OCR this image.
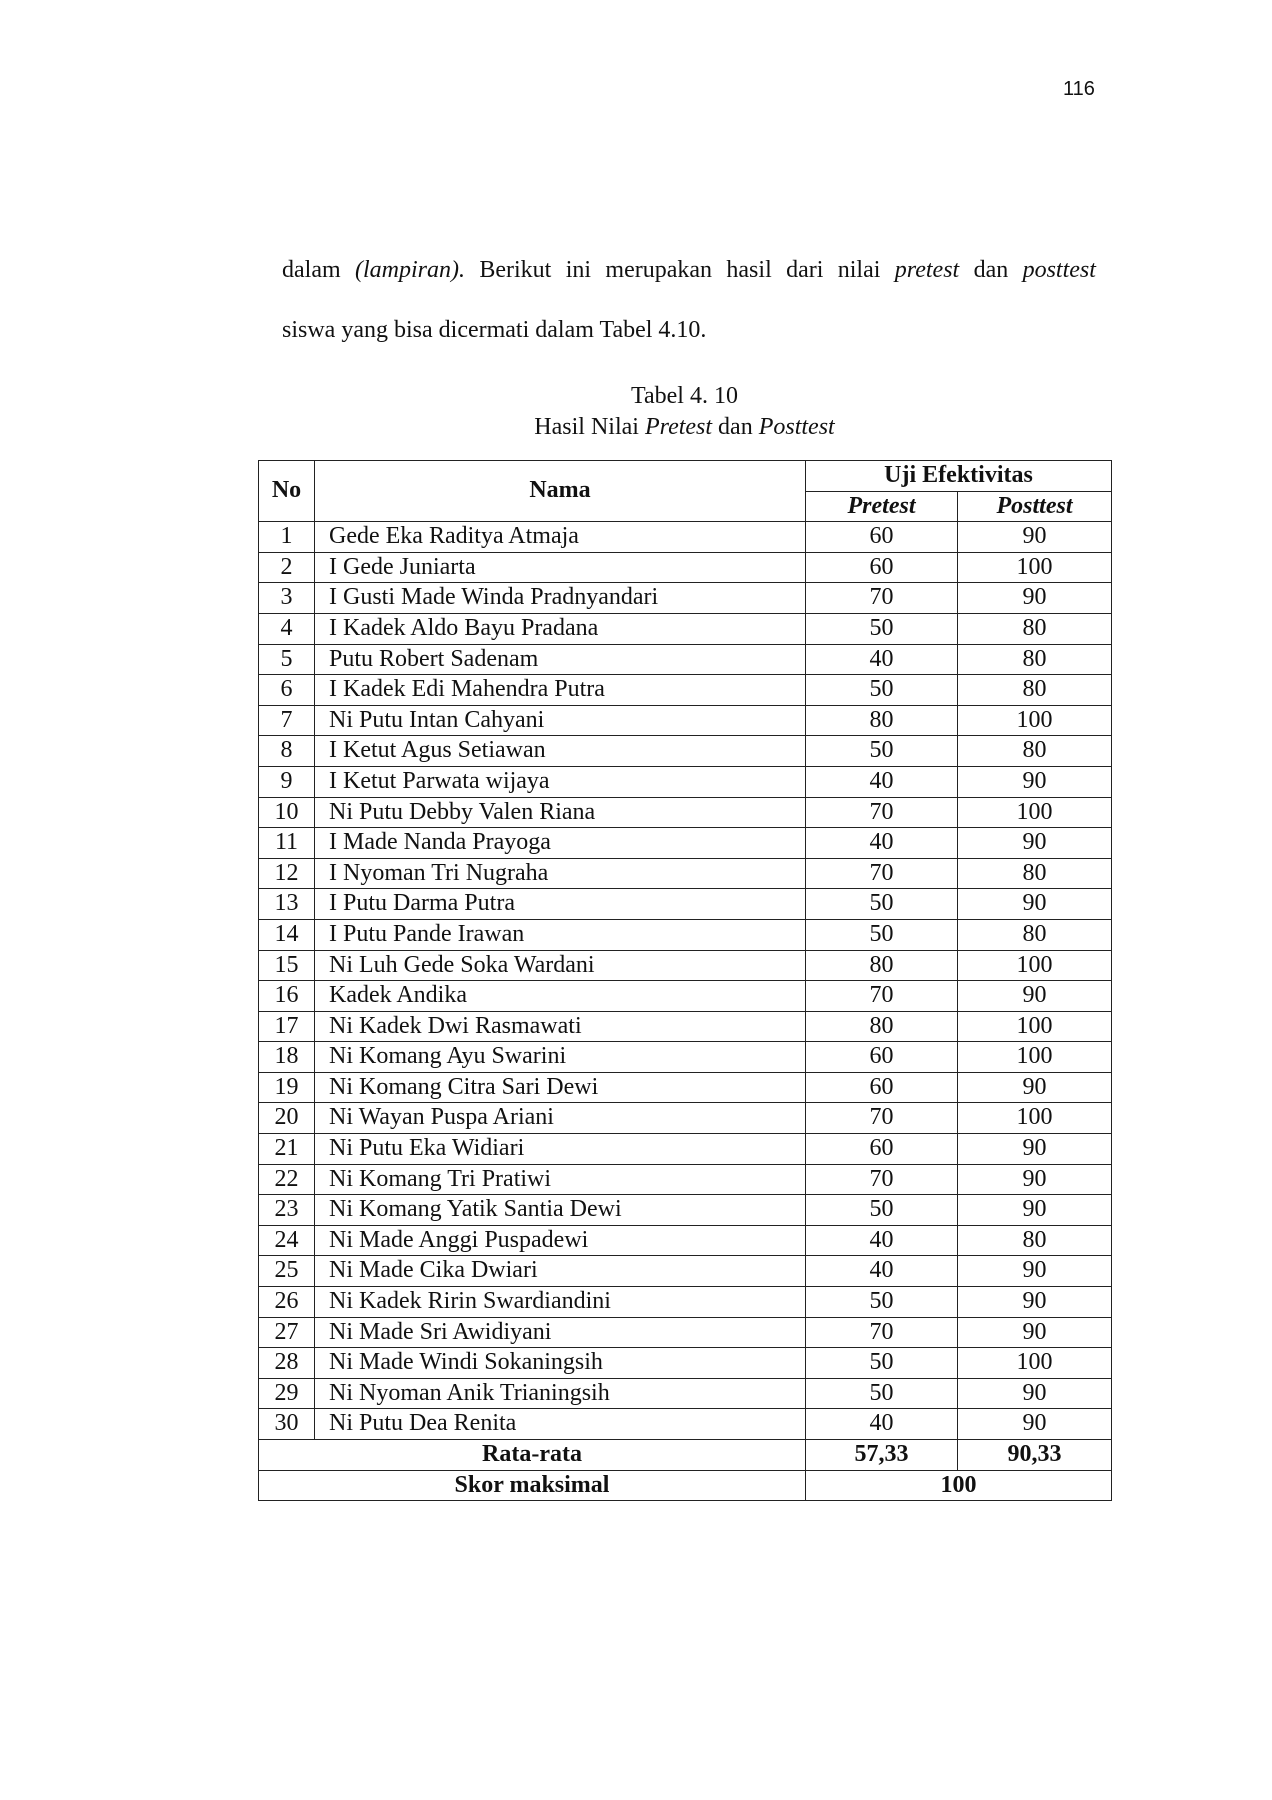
116
dalam (lampiran). Berikut ini merupakan hasil dari nilai pretest dan posttest
siswa yang bisa dicermati dalam Tabel 4.10.
Tabel 4. 10
Hasil Nilai Pretest dan Posttest
No	Nama	Uji Efektivitas	
		Pretest	Posttest
1	Gede Eka Raditya Atmaja	60	90
2	I Gede Juniarta	60	100
3	I Gusti Made Winda Pradnyandari	70	90
4	I Kadek Aldo Bayu Pradana	50	80
5	Putu Robert Sadenam	40	80
6	I Kadek Edi Mahendra Putra	50	80
7	Ni Putu Intan Cahyani	80	100
8	I Ketut Agus Setiawan	50	80
9	I Ketut Parwata wijaya	40	90
10	Ni Putu Debby Valen Riana	70	100
11	I Made Nanda Prayoga	40	90
12	I Nyoman Tri Nugraha	70	80
13	I Putu Darma Putra	50	90
14	I Putu Pande Irawan	50	80
15	Ni Luh Gede Soka Wardani	80	100
16	Kadek Andika	70	90
17	Ni Kadek Dwi Rasmawati	80	100
18	Ni Komang Ayu Swarini	60	100
19	Ni Komang Citra Sari Dewi	60	90
20	Ni Wayan Puspa Ariani	70	100
21	Ni Putu Eka Widiari	60	90
22	Ni Komang Tri Pratiwi	70	90
23	Ni Komang Yatik Santia Dewi	50	90
24	Ni Made Anggi Puspadewi	40	80
25	Ni Made Cika Dwiari	40	90
26	Ni Kadek Ririn Swardiandini	50	90
27	Ni Made Sri Awidiyani	70	90
28	Ni Made Windi Sokaningsih	50	100
29	Ni Nyoman Anik Trianingsih	50	90
30	Ni Putu Dea Renita	40	90
Rata-rata		57,33	90,33
Skor maksimal		100	
